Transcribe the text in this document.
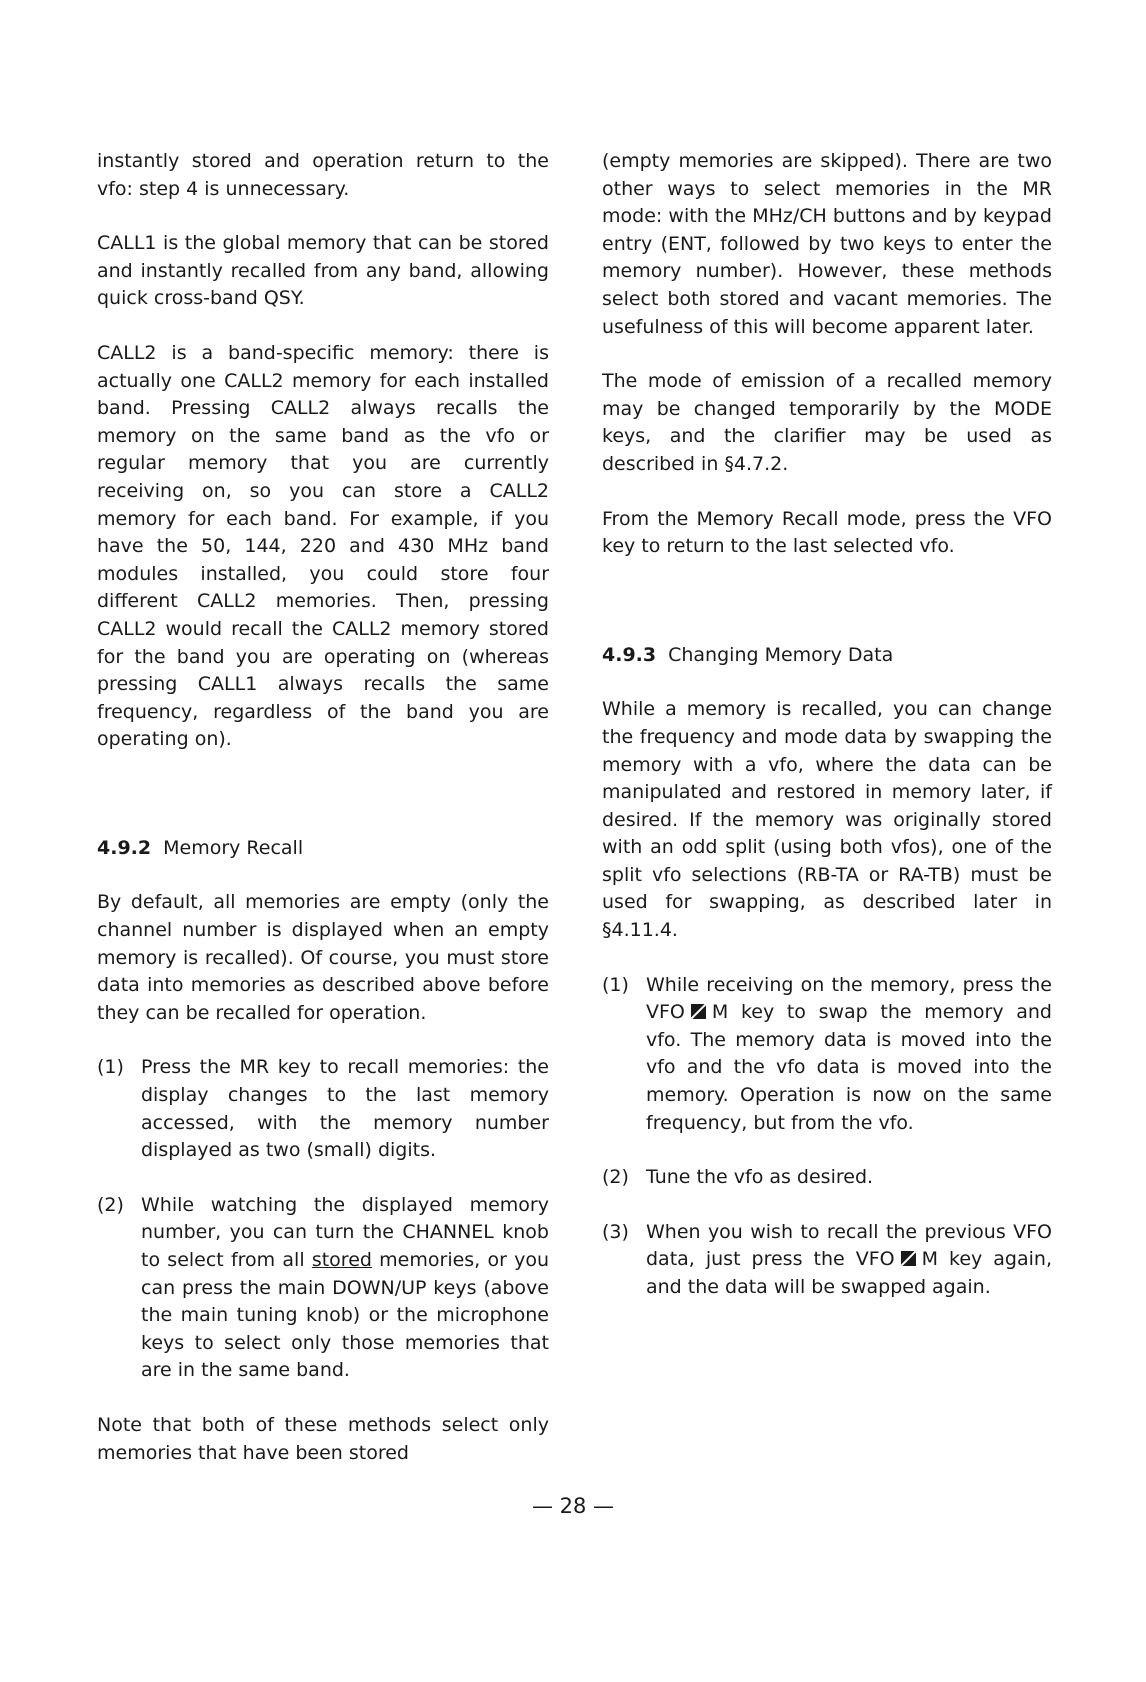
instantly stored and operation return to the vfo: step 4 is unnecessary.

CALL1 is the global memory that can be stored and instantly recalled from any band, allowing quick cross-band QSY.

CALL2 is a band-specific memory: there is actually one CALL2 memory for each installed band. Pressing CALL2 always recalls the memory on the same band as the vfo or regular memory that you are currently receiving on, so you can store a CALL2 memory for each band. For example, if you have the 50, 144, 220 and 430 MHz band modules installed, you could store four different CALL2 memories. Then, pressing CALL2 would recall the CALL2 memory stored for the band you are operating on (whereas pressing CALL1 always recalls the same frequency, regardless of the band you are operating on).

4.9.2 Memory Recall

By default, all memories are empty (only the channel number is displayed when an empty memory is recalled). Of course, you must store data into memories as described above before they can be recalled for operation.

(1) Press the MR key to recall memories: the display changes to the last memory accessed, with the memory number displayed as two (small) digits.
(2) While watching the displayed memory number, you can turn the CHANNEL knob to select from all stored memories, or you can press the main DOWN/UP keys (above the main tuning knob) or the microphone keys to select only those memories that are in the same band.

Note that both of these methods select only memories that have been stored

(empty memories are skipped). There are two other ways to select memories in the MR mode: with the MHz/CH buttons and by keypad entry (ENT, followed by two keys to enter the memory number). However, these methods select both stored and vacant memories. The usefulness of this will become apparent later.

The mode of emission of a recalled memory may be changed temporarily by the MODE keys, and the clarifier may be used as described in §4.7.2.

From the Memory Recall mode, press the VFO key to return to the last selected vfo.

4.9.3 Changing Memory Data

While a memory is recalled, you can change the frequency and mode data by swapping the memory with a vfo, where the data can be manipulated and restored in memory later, if desired. If the memory was originally stored with an odd split (using both vfos), one of the split vfo selections (RB-TA or RA-TB) must be used for swapping, as described later in §4.11.4.

(1) While receiving on the memory, press the VFO M key to swap the memory and vfo. The memory data is moved into the vfo and the vfo data is moved into the memory. Operation is now on the same frequency, but from the vfo.
(2) Tune the vfo as desired.
(3) When you wish to recall the previous VFO data, just press the VFO M key again, and the data will be swapped again.
— 28 —
